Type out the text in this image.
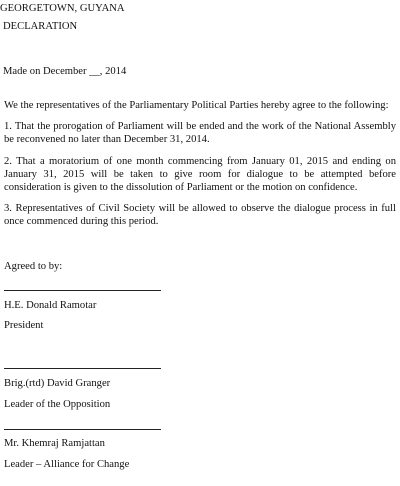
GEORGETOWN, GUYANA
DECLARATION
Made on December __, 2014
We the representatives of the Parliamentary Political Parties hereby agree to the following:
1. That the prorogation of Parliament will be ended and the work of the National Assembly be reconvened no later than December 31, 2014.
2. That a moratorium of one month commencing from January 01, 2015 and ending on January 31, 2015 will be taken to give room for dialogue to be attempted before consideration is given to the dissolution of Parliament or the motion on confidence.
3. Representatives of Civil Society will be allowed to observe the dialogue process in full once commenced during this period.
Agreed to by:
H.E. Donald Ramotar
President
Brig.(rtd) David Granger
Leader of the Opposition
Mr. Khemraj Ramjattan
Leader – Alliance for Change
